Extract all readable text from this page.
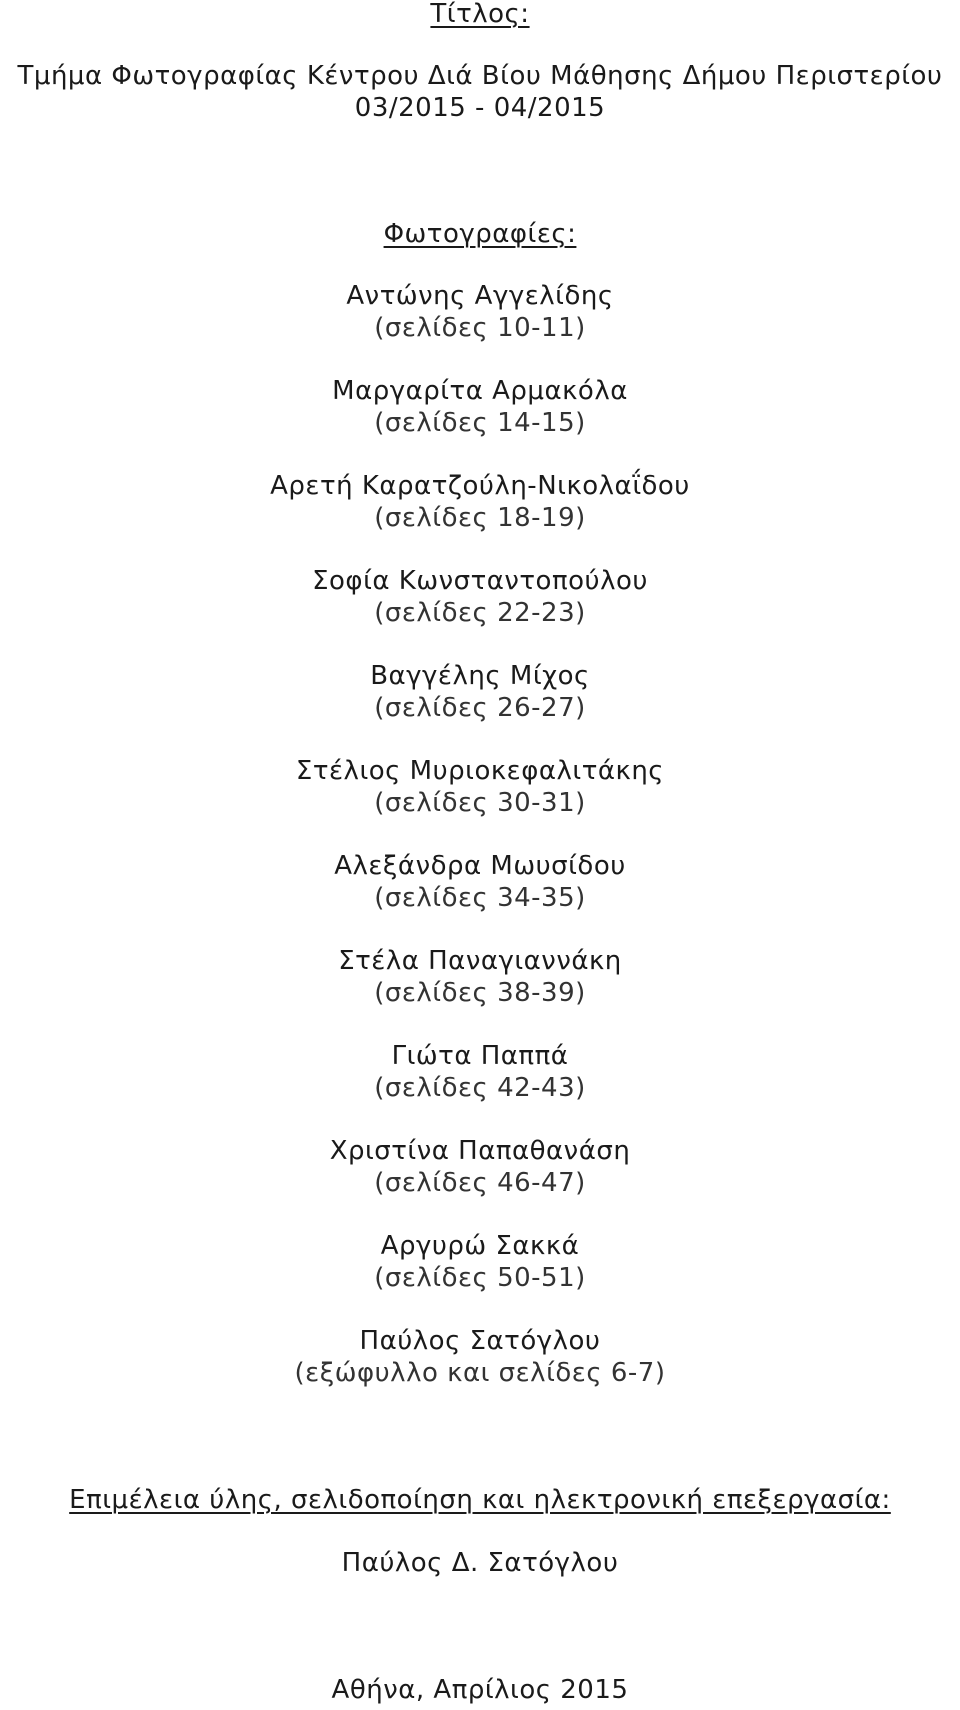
Τίτλος:
Τμήμα Φωτογραφίας Κέντρου Διά Βίου Μάθησης Δήμου Περιστερίου
03/2015 - 04/2015
Φωτογραφίες:
Αντώνης Αγγελίδης
(σελίδες 10-11)
Μαργαρίτα Αρμακόλα
(σελίδες 14-15)
Αρετή Καρατζούλη-Νικολαΐδου
(σελίδες 18-19)
Σοφία Κωνσταντοπούλου
(σελίδες 22-23)
Βαγγέλης Μίχος
(σελίδες 26-27)
Στέλιος Μυριοκεφαλιτάκης
(σελίδες 30-31)
Αλεξάνδρα Μωυσίδου
(σελίδες 34-35)
Στέλα Παναγιαννάκη
(σελίδες 38-39)
Γιώτα Παππά
(σελίδες 42-43)
Χριστίνα Παπαθανάση
(σελίδες 46-47)
Αργυρώ Σακκά
(σελίδες 50-51)
Παύλος Σατόγλου
(εξώφυλλο και σελίδες 6-7)
Επιμέλεια ύλης, σελιδοποίηση και ηλεκτρονική επεξεργασία:
Παύλος Δ. Σατόγλου
Αθήνα, Απρίλιος 2015
